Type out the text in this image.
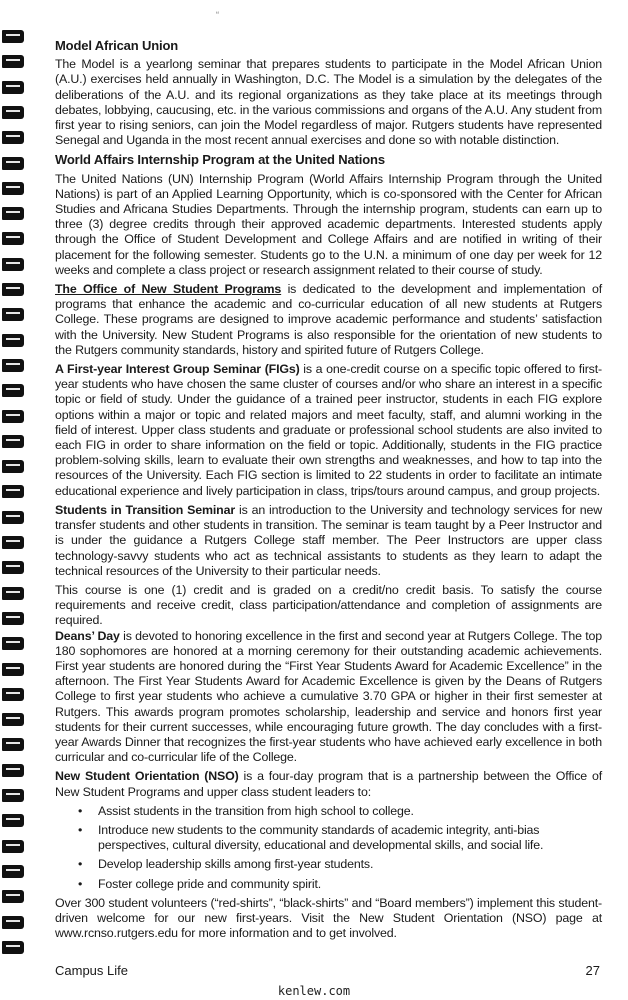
“
Model African Union

The Model is a yearlong seminar that prepares students to participate in the Model African Union (A.U.) exercises held annually in Washington, D.C. The Model is a simulation by the delegates of the deliberations of the A.U. and its regional organizations as they take place at its meetings through debates, lobbying, caucusing, etc. in the various commissions and organs of the A.U. Any student from first year to rising seniors, can join the Model regardless of major. Rutgers students have represented Senegal and Uganda in the most recent annual exercises and done so with notable distinction.

World Affairs Internship Program at the United Nations

The United Nations (UN) Internship Program (World Affairs Internship Program through the United Nations) is part of an Applied Learning Opportunity, which is co-sponsored with the Center for African Studies and Africana Studies Departments. Through the internship program, students can earn up to three (3) degree credits through their approved academic departments. Interested students apply through the Office of Student Development and College Affairs and are notified in writing of their placement for the following semester. Students go to the U.N. a minimum of one day per week for 12 weeks and complete a class project or research assignment related to their course of study.

The Office of New Student Programs is dedicated to the development and implementation of programs that enhance the academic and co-curricular education of all new students at Rutgers College. These programs are designed to improve academic performance and students’ satisfaction with the University. New Student Programs is also responsible for the orientation of new students to the Rutgers community standards, history and spirited future of Rutgers College.

A First-year Interest Group Seminar (FIGs) is a one-credit course on a specific topic offered to first-year students who have chosen the same cluster of courses and/or who share an interest in a specific topic or field of study. Under the guidance of a trained peer instructor, students in each FIG explore options within a major or topic and related majors and meet faculty, staff, and alumni working in the field of interest. Upper class students and graduate or professional school students are also invited to each FIG in order to share information on the field or topic. Additionally, students in the FIG practice problem-solving skills, learn to evaluate their own strengths and weaknesses, and how to tap into the resources of the University. Each FIG section is limited to 22 students in order to facilitate an intimate educational experience and lively participation in class, trips/tours around campus, and group projects.

Students in Transition Seminar is an introduction to the University and technology services for new transfer students and other students in transition. The seminar is team taught by a Peer Instructor and is under the guidance a Rutgers College staff member. The Peer Instructors are upper class technology-savvy students who act as technical assistants to students as they learn to adapt the technical resources of the University to their particular needs.

This course is one (1) credit and is graded on a credit/no credit basis. To satisfy the course requirements and receive credit, class participation/attendance and completion of assignments are required.

Deans’ Day is devoted to honoring excellence in the first and second year at Rutgers College. The top 180 sophomores are honored at a morning ceremony for their outstanding academic achievements. First year students are honored during the “First Year Students Award for Academic Excellence” in the afternoon. The First Year Students Award for Academic Excellence is given by the Deans of Rutgers College to first year students who achieve a cumulative 3.70 GPA or higher in their first semester at Rutgers. This awards program promotes scholarship, leadership and service and honors first year students for their current successes, while encouraging future growth. The day concludes with a first-year Awards Dinner that recognizes the first-year students who have achieved early excellence in both curricular and co-curricular life of the College.

New Student Orientation (NSO) is a four-day program that is a partnership between the Office of New Student Programs and upper class student leaders to:

• Assist students in the transition from high school to college.
• Introduce new students to the community standards of academic integrity, anti-bias perspectives, cultural diversity, educational and developmental skills, and social life.
• Develop leadership skills among first-year students.
• Foster college pride and community spirit.

Over 300 student volunteers (“red-shirts”, “black-shirts” and “Board members”) implement this student-driven welcome for our new first-years. Visit the New Student Orientation (NSO) page at www.rcnso.rutgers.edu for more information and to get involved.

Campus Life	27
kenlew.com
